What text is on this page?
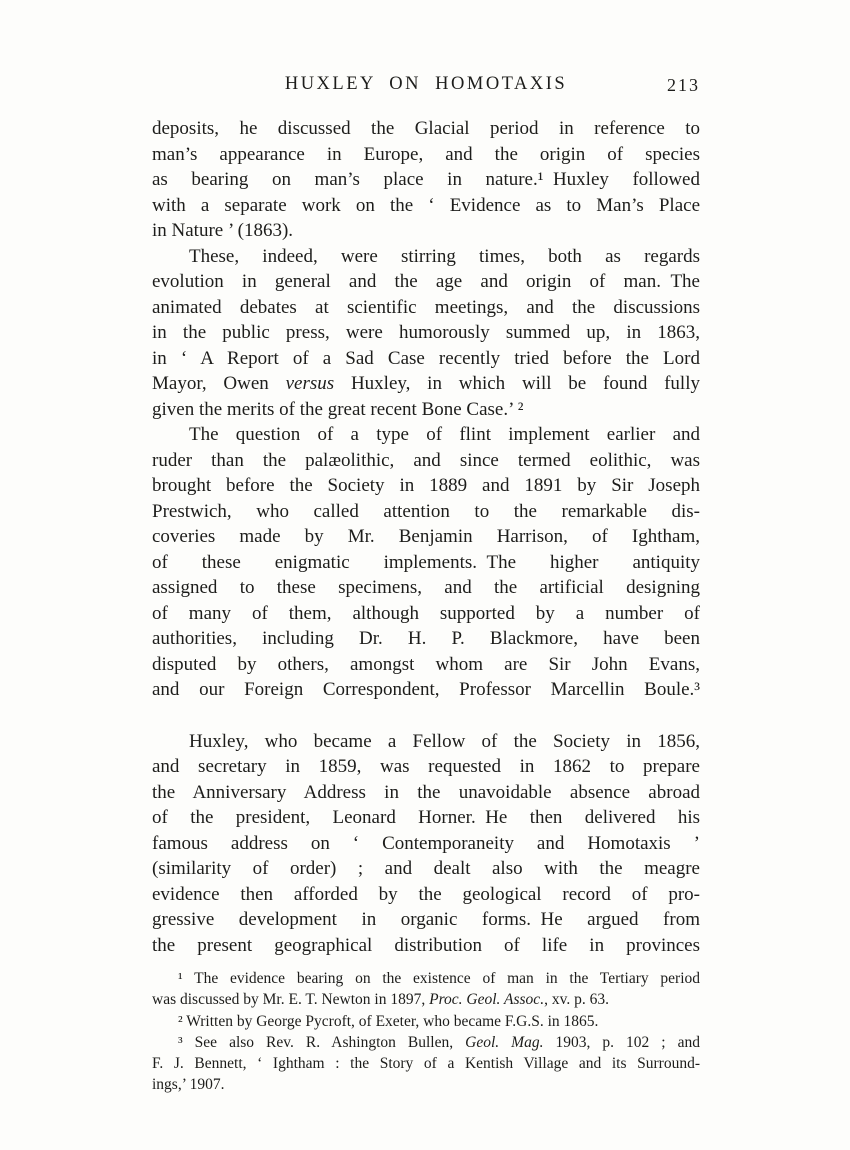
HUXLEY ON HOMOTAXIS	213
deposits, he discussed the Glacial period in reference to
man’s appearance in Europe, and the origin of species
as bearing on man’s place in nature.¹ Huxley followed
with a separate work on the ‘ Evidence as to Man’s Place
in Nature ’ (1863).
These, indeed, were stirring times, both as regards
evolution in general and the age and origin of man. The
animated debates at scientific meetings, and the discussions
in the public press, were humorously summed up, in 1863,
in ‘ A Report of a Sad Case recently tried before the Lord
Mayor, Owen versus Huxley, in which will be found fully
given the merits of the great recent Bone Case.’ ²
The question of a type of flint implement earlier and
ruder than the palæolithic, and since termed eolithic, was
brought before the Society in 1889 and 1891 by Sir Joseph
Prestwich, who called attention to the remarkable dis-
coveries made by Mr. Benjamin Harrison, of Ightham,
of these enigmatic implements. The higher antiquity
assigned to these specimens, and the artificial designing
of many of them, although supported by a number of
authorities, including Dr. H. P. Blackmore, have been
disputed by others, amongst whom are Sir John Evans,
and our Foreign Correspondent, Professor Marcellin Boule.³
Huxley, who became a Fellow of the Society in 1856,
and secretary in 1859, was requested in 1862 to prepare
the Anniversary Address in the unavoidable absence abroad
of the president, Leonard Horner. He then delivered his
famous address on ‘ Contemporaneity and Homotaxis ’
(similarity of order) ; and dealt also with the meagre
evidence then afforded by the geological record of pro-
gressive development in organic forms. He argued from
the present geographical distribution of life in provinces
¹ The evidence bearing on the existence of man in the Tertiary period
was discussed by Mr. E. T. Newton in 1897, Proc. Geol. Assoc., xv. p. 63.
² Written by George Pycroft, of Exeter, who became F.G.S. in 1865.
³ See also Rev. R. Ashington Bullen, Geol. Mag. 1903, p. 102 ; and
F. J. Bennett, ‘ Ightham : the Story of a Kentish Village and its Surround-
ings,’ 1907.
